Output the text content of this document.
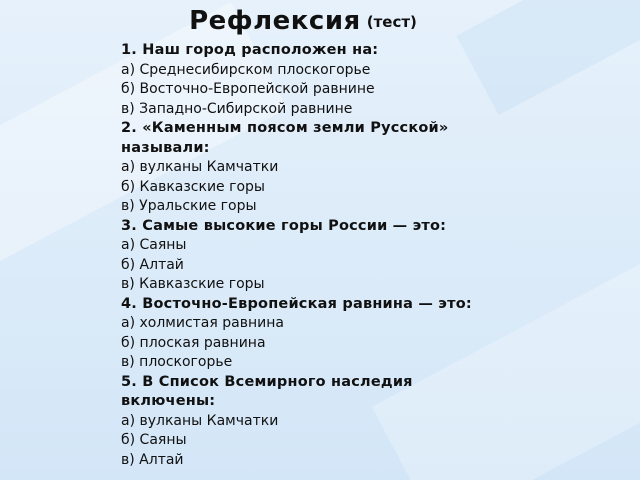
Рефлексия (тест)
1. Наш город расположен на:
а) Среднесибирском плоскогорье
б) Восточно-Европейской равнине
в) Западно-Сибирской равнине
2. «Каменным поясом земли Русской» называли:
а) вулканы Камчатки
б) Кавказские горы
в) Уральские горы
3. Самые высокие горы России — это:
а) Саяны
б) Алтай
в) Кавказские горы
4. Восточно-Европейская равнина — это:
а) холмистая равнина
б) плоская равнина
в) плоскогорье
5. В Список Всемирного наследия включены:
а) вулканы Камчатки
б) Саяны
в) Алтай
